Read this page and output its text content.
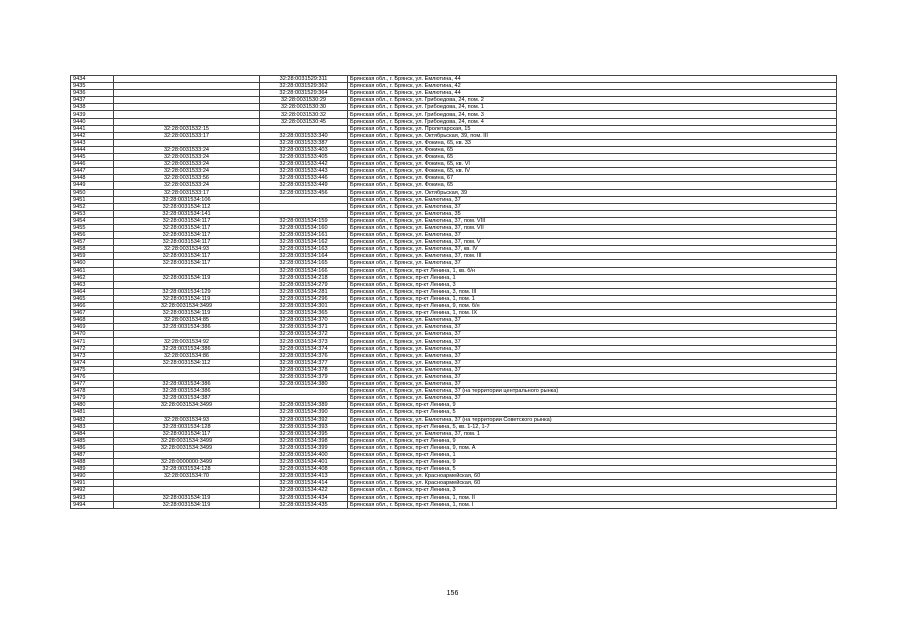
9434		32:28:0031529:311	Брянская обл., г. Брянск, ул. Емлютина, 44
9435		32:28:0031529:362	Брянская обл., г. Брянск, ул. Емлютина, 42
9436		32:28:0031529:364	Брянская обл., г. Брянск, ул. Емлютина, 44
9437		32:28:0031530:29	Брянская обл., г. Брянск, ул. Грибоедова, 24, пом. 2
9438		32:28:0031530:30	Брянская обл., г. Брянск, ул. Грибоедова, 24, пом. 1
9439		32:28:0031530:32	Брянская обл., г. Брянск, ул. Грибоедова, 24, пом. 3
9440		32:28:0031530:45	Брянская обл., г. Брянск, ул. Грибоедова, 24, пом. 4
9441	32:28:0031532:15		Брянская обл., г. Брянск, ул. Пролетарская, 15
9442	32:28:0031533:17	32:28:0031533:340	Брянская обл., г. Брянск, ул. Октябрьская, 39, пом. III
9443		32:28:0031533:387	Брянская обл., г. Брянск, ул. Фокина, 65, кв. 33
9444	32:28:0031533:24	32:28:0031533:403	Брянская обл., г. Брянск, ул. Фокина, 65
9445	32:28:0031533:24	32:28:0031533:405	Брянская обл., г. Брянск, ул. Фокина, 65
9446	32:28:0031533:24	32:28:0031533:442	Брянская обл., г. Брянск, ул. Фокина, 65, кв. VI
9447	32:28:0031533:24	32:28:0031533:443	Брянская обл., г. Брянск, ул. Фокина, 65, кв. IV
9448	32:28:0031533:56	32:28:0031533:446	Брянская обл., г. Брянск, ул. Фокина, 67
9449	32:28:0031533:24	32:28:0031533:449	Брянская обл., г. Брянск, ул. Фокина, 65
9450	32:28:0031533:17	32:28:0031533:456	Брянская обл., г. Брянск, ул. Октябрьская, 39
9451	32:28:0031534:106		Брянская обл., г. Брянск, ул. Емлютина, 37
9452	32:28:0031534:112		Брянская обл., г. Брянск, ул. Емлютина, 37
9453	32:28:0031534:141		Брянская обл., г. Брянск, ул. Емлютина, 35
9454	32:28:0031534:117	32:28:0031534:159	Брянская обл., г. Брянск, ул. Емлютина, 37, пом. VIII
9455	32:28:0031534:117	32:28:0031534:160	Брянская обл., г. Брянск, ул. Емлютина, 37, пом. VII
9456	32:28:0031534:117	32:28:0031534:161	Брянская обл., г. Брянск, ул. Емлютина, 37
9457	32:28:0031534:117	32:28:0031534:162	Брянская обл., г. Брянск, ул. Емлютина, 37, пом. V
9458	32:28:0031534:93	32:28:0031534:163	Брянская обл., г. Брянск, ул. Емлютина, 37, кв. IV
9459	32:28:0031534:117	32:28:0031534:164	Брянская обл., г. Брянск, ул. Емлютина, 37, пом. III
9460	32:28:0031534:117	32:28:0031534:165	Брянская обл., г. Брянск, ул. Емлютина, 37
9461		32:28:0031534:166	Брянская обл., г. Брянск, пр-кт Ленина, 1, кв. б/н
9462	32:28:0031534:119	32:28:0031534:218	Брянская обл., г. Брянск, пр-кт Ленина, 1
9463		32:28:0031534:279	Брянская обл., г. Брянск, пр-кт Ленина, 3
9464	32:28:0031534:129	32:28:0031534:281	Брянская обл., г. Брянск, пр-кт Ленина, 3, пом. III
9465	32:28:0031534:119	32:28:0031534:296	Брянская обл., г. Брянск, пр-кт Ленина, 1, пом. 1
9466	32:28:0031534:3499	32:28:0031534:301	Брянская обл., г. Брянск, пр-кт Ленина, 9, пом. б/н
9467	32:28:0031534:119	32:28:0031534:365	Брянская обл., г. Брянск, пр-кт Ленина, 1, пом. IX
9468	32:28:0031534:85	32:28:0031534:370	Брянская обл., г. Брянск, ул. Емлютина, 37
9469	32:28:0031534:386	32:28:0031534:371	Брянская обл., г. Брянск, ул. Емлютина, 37
9470		32:28:0031534:372	Брянская обл., г. Брянск, ул. Емлютина, 37
9471	32:28:0031534:92	32:28:0031534:373	Брянская обл., г. Брянск, ул. Емлютина, 37
9472	32:28:0031534:386	32:28:0031534:374	Брянская обл., г. Брянск, ул. Емлютина, 37
9473	32:28:0031534:86	32:28:0031534:376	Брянская обл., г. Брянск, ул. Емлютина, 37
9474	32:28:0031534:112	32:28:0031534:377	Брянская обл., г. Брянск, ул. Емлютина, 37
9475		32:28:0031534:378	Брянская обл., г. Брянск, ул. Емлютина, 37
9476		32:28:0031534:379	Брянская обл., г. Брянск, ул. Емлютина, 37
9477	32:28:0031534:386	32:28:0031534:380	Брянская обл., г. Брянск, ул. Емлютина, 37
9478	32:28:0031534:386		Брянская обл., г. Брянск, ул. Емлютина, 37 (на территории центрального рынка)
9479	32:28:0031534:387		Брянская обл., г. Брянск, ул. Емлютина, 37
9480	32:28:0031534:3499	32:28:0031534:389	Брянская обл., г. Брянск, пр-кт Ленина, 9
9481		32:28:0031534:390	Брянская обл., г. Брянск, пр-кт Ленина, 5
9482	32:28:0031534:93	32:28:0031534:392	Брянская обл., г. Брянск, ул. Емлютина, 37 (на территории Советского рынка)
9483	32:28:0031534:128	32:28:0031534:393	Брянская обл., г. Брянск, пр-кт Ленина, 5, кв. 1-12, 1-7
9484	32:28:0031534:117	32:28:0031534:395	Брянская обл., г. Брянск, ул. Емлютина, 37, пом. 1
9485	32:28:0031534:3499	32:28:0031534:398	Брянская обл., г. Брянск, пр-кт Ленина, 9
9486	32:28:0031534:3499	32:28:0031534:399	Брянская обл., г. Брянск, пр-кт Ленина, 9, пом. А
9487		32:28:0031534:400	Брянская обл., г. Брянск, пр-кт Ленина, 1
9488	32:28:0000000:3499	32:28:0031534:401	Брянская обл., г. Брянск, пр-кт Ленина, 9
9489	32:28:0031534:128	32:28:0031534:408	Брянская обл., г. Брянск, пр-кт Ленина, 5
9490	32:28:0031534:70	32:28:0031534:413	Брянская обл., г. Брянск, ул. Красноармейская, 60
9491		32:28:0031534:414	Брянская обл., г. Брянск, ул. Красноармейская, 60
9492		32:28:0031534:422	Брянская обл., г. Брянск, пр-кт Ленина, 3
9493	32:28:0031534:119	32:28:0031534:434	Брянская обл., г. Брянск, пр-кт Ленина, 1, пом. II
9494	32:28:0031534:119	32:28:0031534:435	Брянская обл., г. Брянск, пр-кт Ленина, 1, пом. I
156
